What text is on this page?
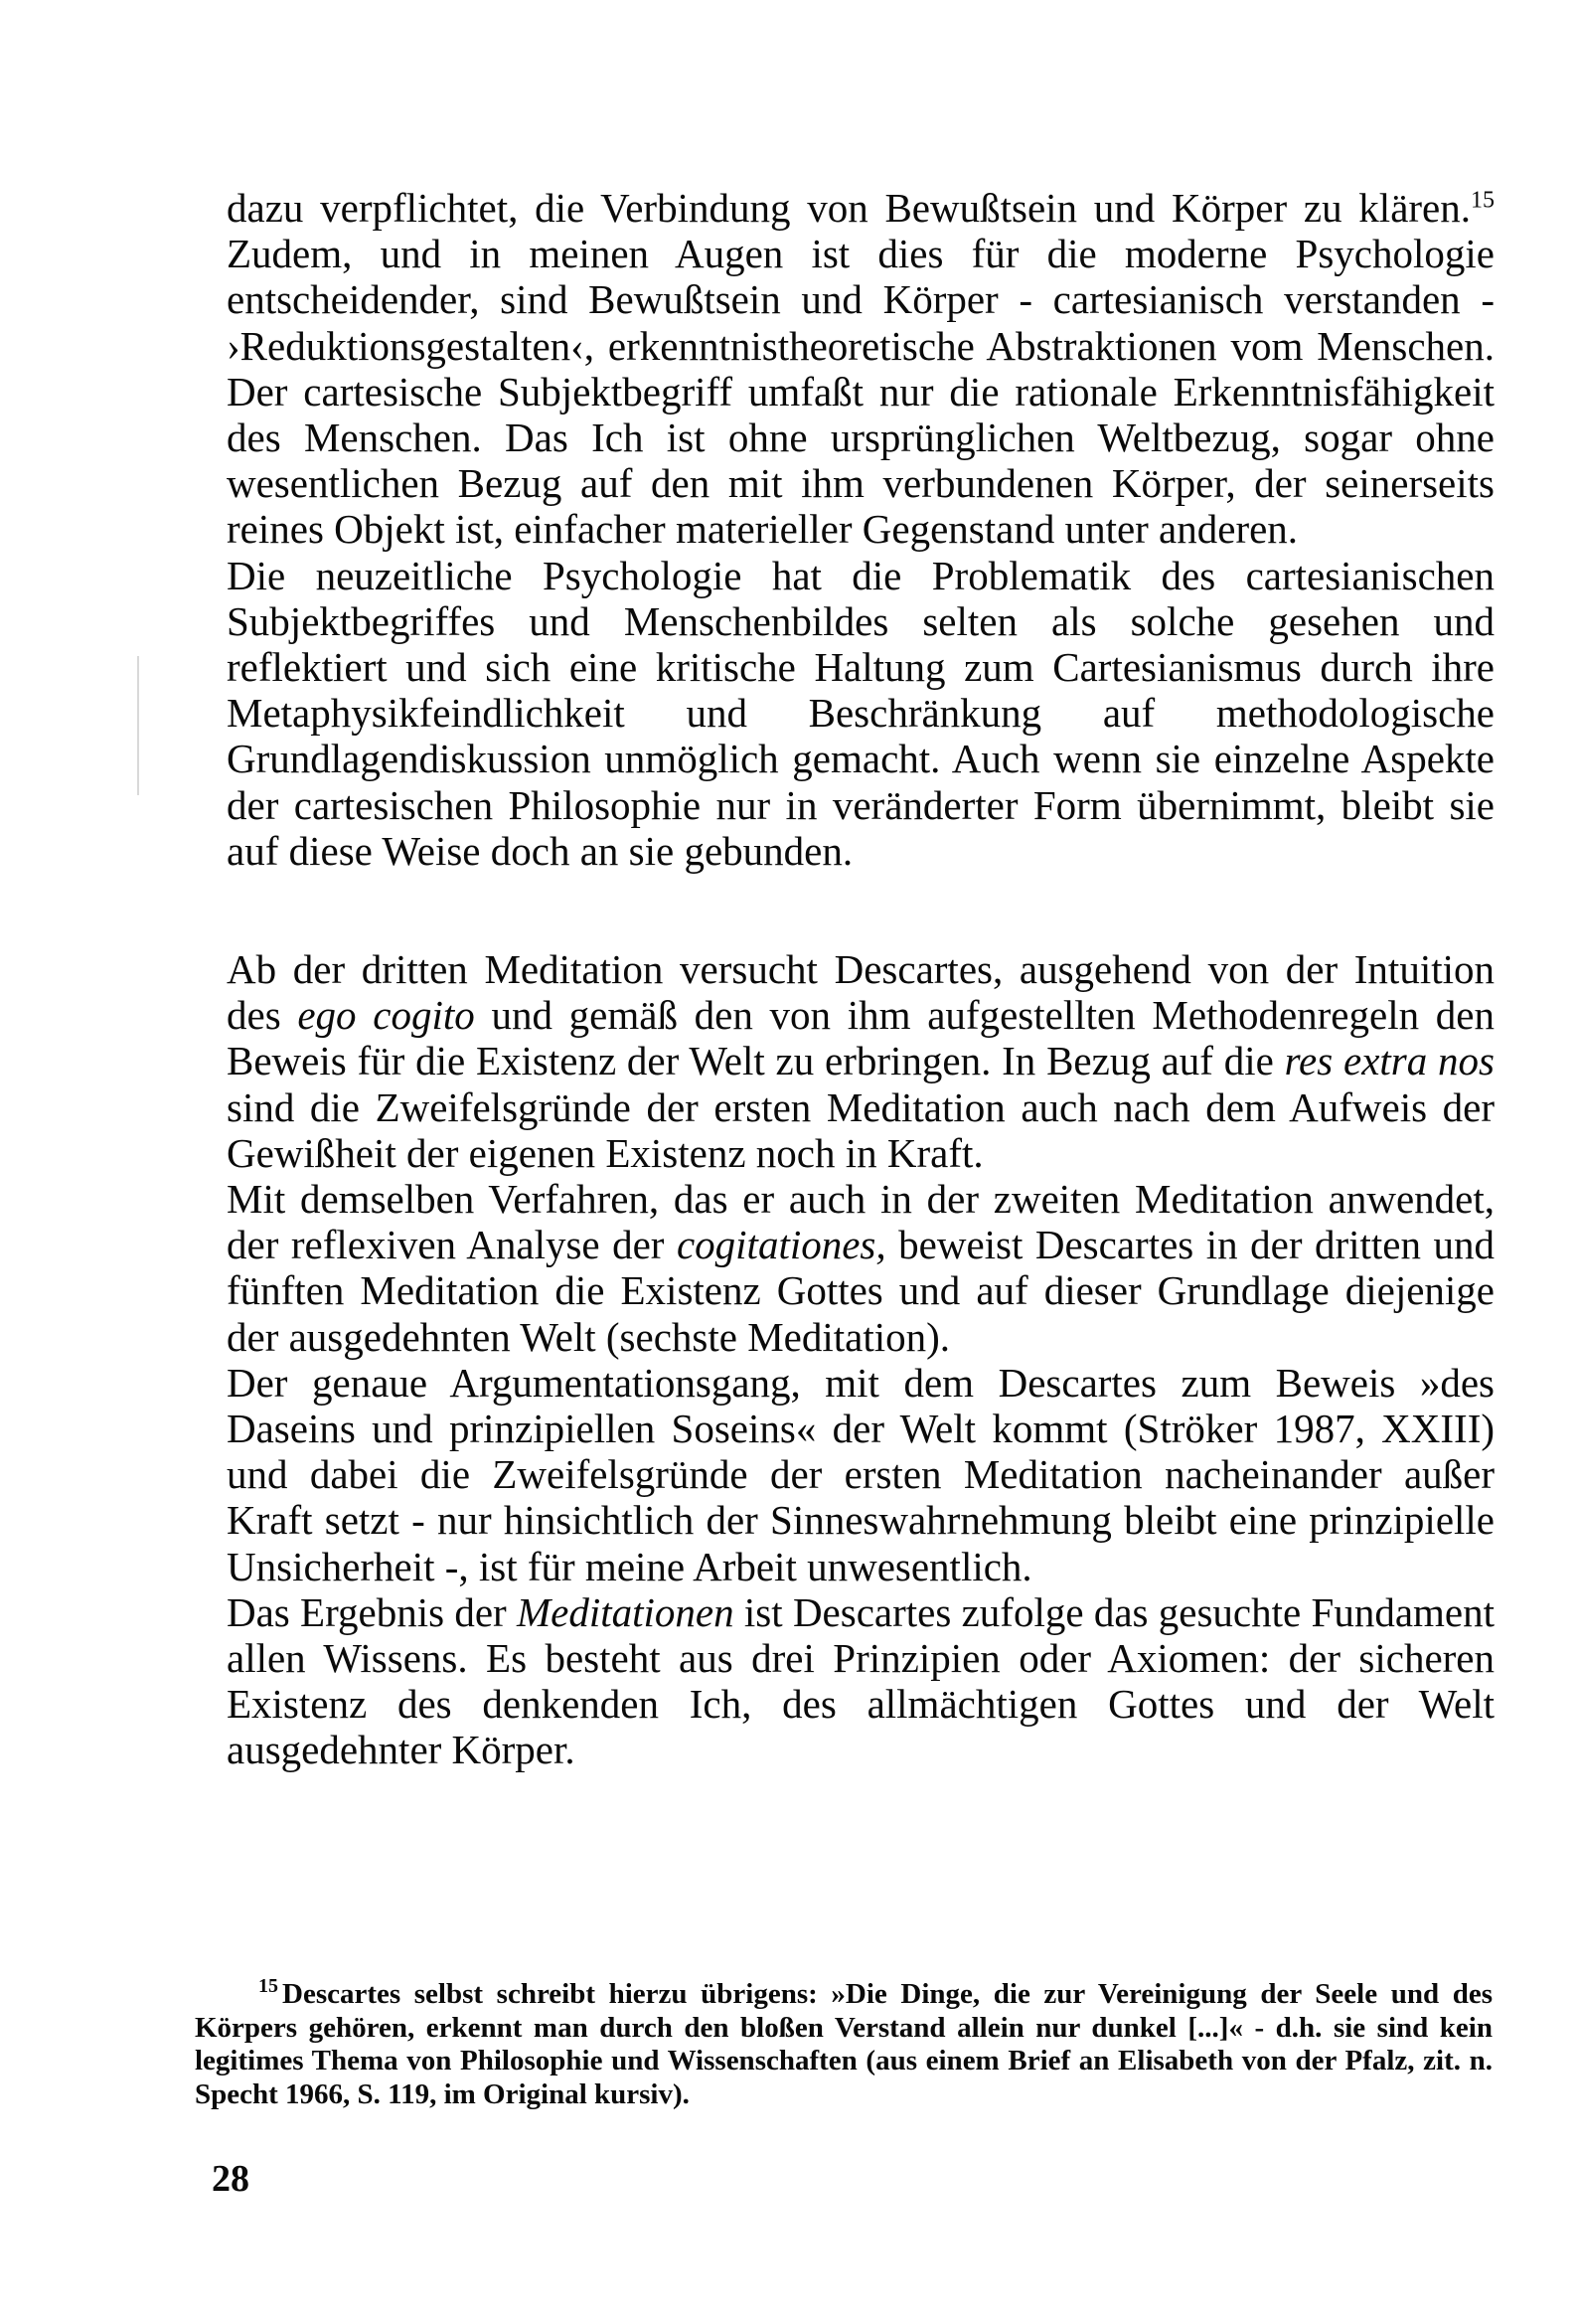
dazu verpflichtet, die Verbindung von Bewußtsein und Körper zu klären.$^{15}$ Zudem, und in meinen Augen ist dies für die moderne Psychologie entscheidender, sind Bewußtsein und Körper - cartesianisch verstanden - ›Reduktionsgestalten‹, erkenntnistheoretische Abstraktionen vom Menschen. Der cartesische Subjektbegriff umfaßt nur die rationale Erkenntnisfähigkeit des Menschen. Das Ich ist ohne ursprünglichen Weltbezug, sogar ohne wesentlichen Bezug auf den mit ihm verbundenen Körper, der seinerseits reines Objekt ist, einfacher materieller Gegenstand unter anderen.

Die neuzeitliche Psychologie hat die Problematik des cartesianischen Subjektbegriffes und Menschenbildes selten als solche gesehen und reflektiert und sich eine kritische Haltung zum Cartesianismus durch ihre Metaphysikfeindlichkeit und Beschränkung auf methodologische Grundlagendiskussion unmöglich gemacht. Auch wenn sie einzelne Aspekte der cartesischen Philosophie nur in veränderter Form übernimmt, bleibt sie auf diese Weise doch an sie gebunden.

Ab der dritten Meditation versucht Descartes, ausgehend von der Intuition des ego cogito und gemäß den von ihm aufgestellten Methodenregeln den Beweis für die Existenz der Welt zu erbringen. In Bezug auf die res extra nos sind die Zweifelsgründe der ersten Meditation auch nach dem Aufweis der Gewißheit der eigenen Existenz noch in Kraft.

Mit demselben Verfahren, das er auch in der zweiten Meditation anwendet, der reflexiven Analyse der cogitationes, beweist Descartes in der dritten und fünften Meditation die Existenz Gottes und auf dieser Grundlage diejenige der ausgedehnten Welt (sechste Meditation).

Der genaue Argumentationsgang, mit dem Descartes zum Beweis »des Daseins und prinzipiellen Soseins« der Welt kommt (Ströker 1987, XXIII) und dabei die Zweifelsgründe der ersten Meditation nacheinander außer Kraft setzt - nur hinsichtlich der Sinneswahrnehmung bleibt eine prinzipielle Unsicherheit -, ist für meine Arbeit unwesentlich.

Das Ergebnis der Meditationen ist Descartes zufolge das gesuchte Fundament allen Wissens. Es besteht aus drei Prinzipien oder Axiomen: der sicheren Existenz des denkenden Ich, des allmächtigen Gottes und der Welt ausgedehnter Körper.

$^{15}$ Descartes selbst schreibt hierzu übrigens: »Die Dinge, die zur Vereinigung der Seele und des Körpers gehören, erkennt man durch den bloßen Verstand allein nur dunkel [...]« - d.h. sie sind kein legitimes Thema von Philosophie und Wissenschaften (aus einem Brief an Elisabeth von der Pfalz, zit. n. Specht 1966, S. 119, im Original kursiv).
28
